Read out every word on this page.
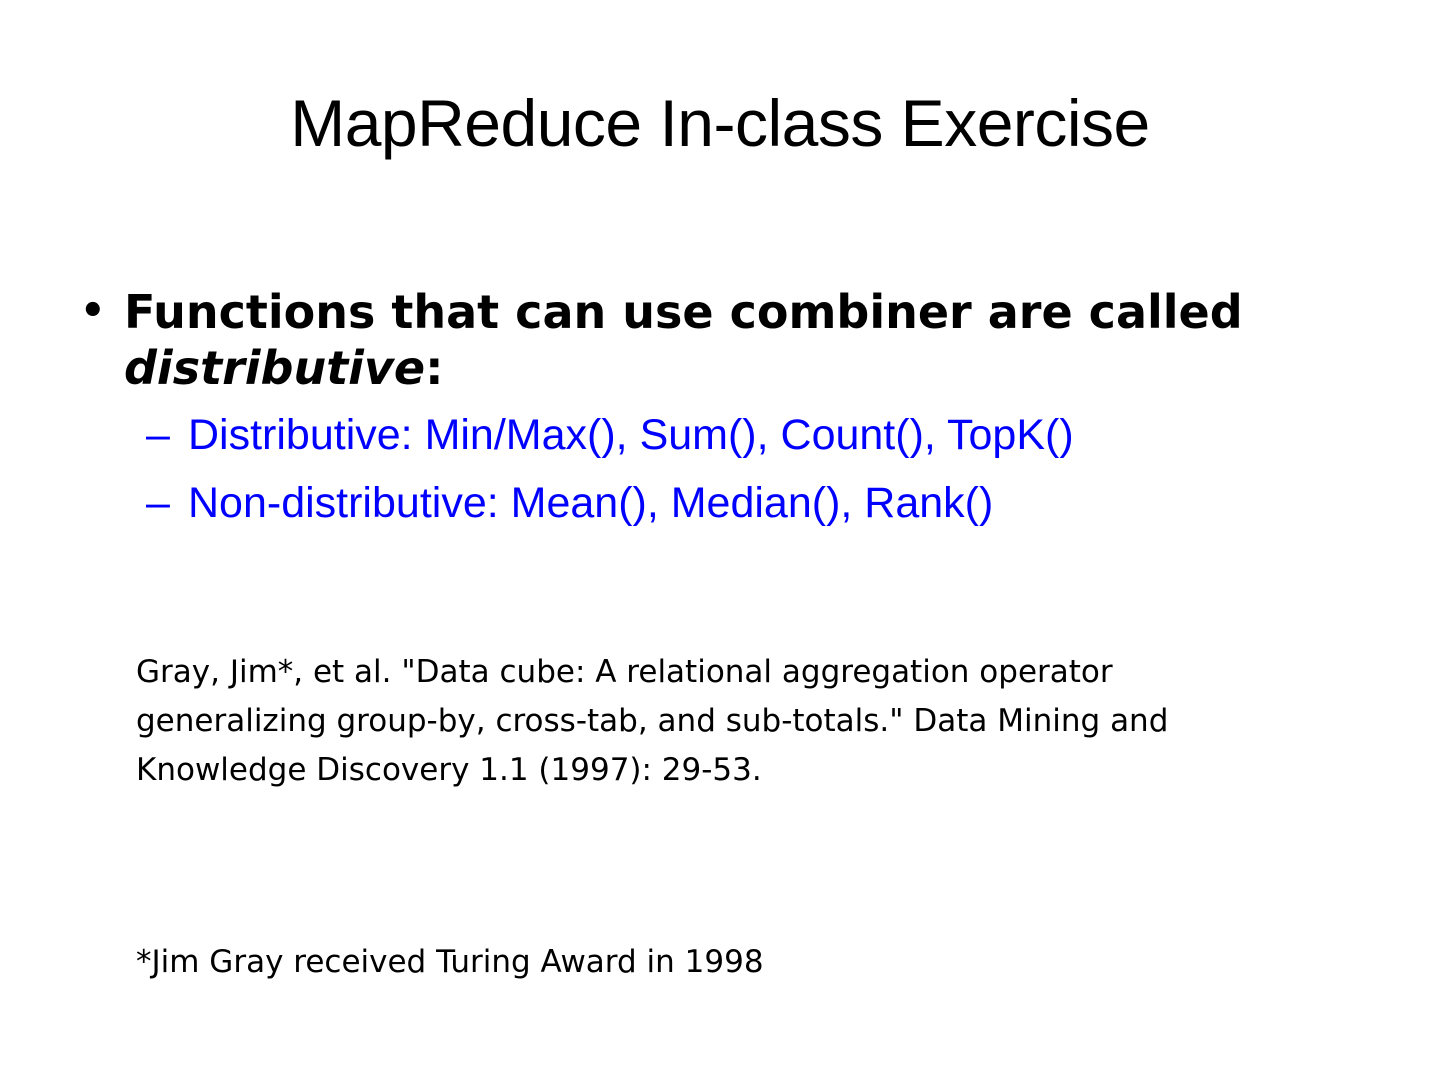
MapReduce In-class Exercise
• Functions that can use combiner are called distributive:
– Distributive: Min/Max(), Sum(), Count(), TopK()
– Non-distributive: Mean(), Median(), Rank()
Gray, Jim*, et al. "Data cube: A relational aggregation operator generalizing group-by, cross-tab, and sub-totals." Data Mining and Knowledge Discovery 1.1 (1997): 29-53.
*Jim Gray received Turing Award in 1998
